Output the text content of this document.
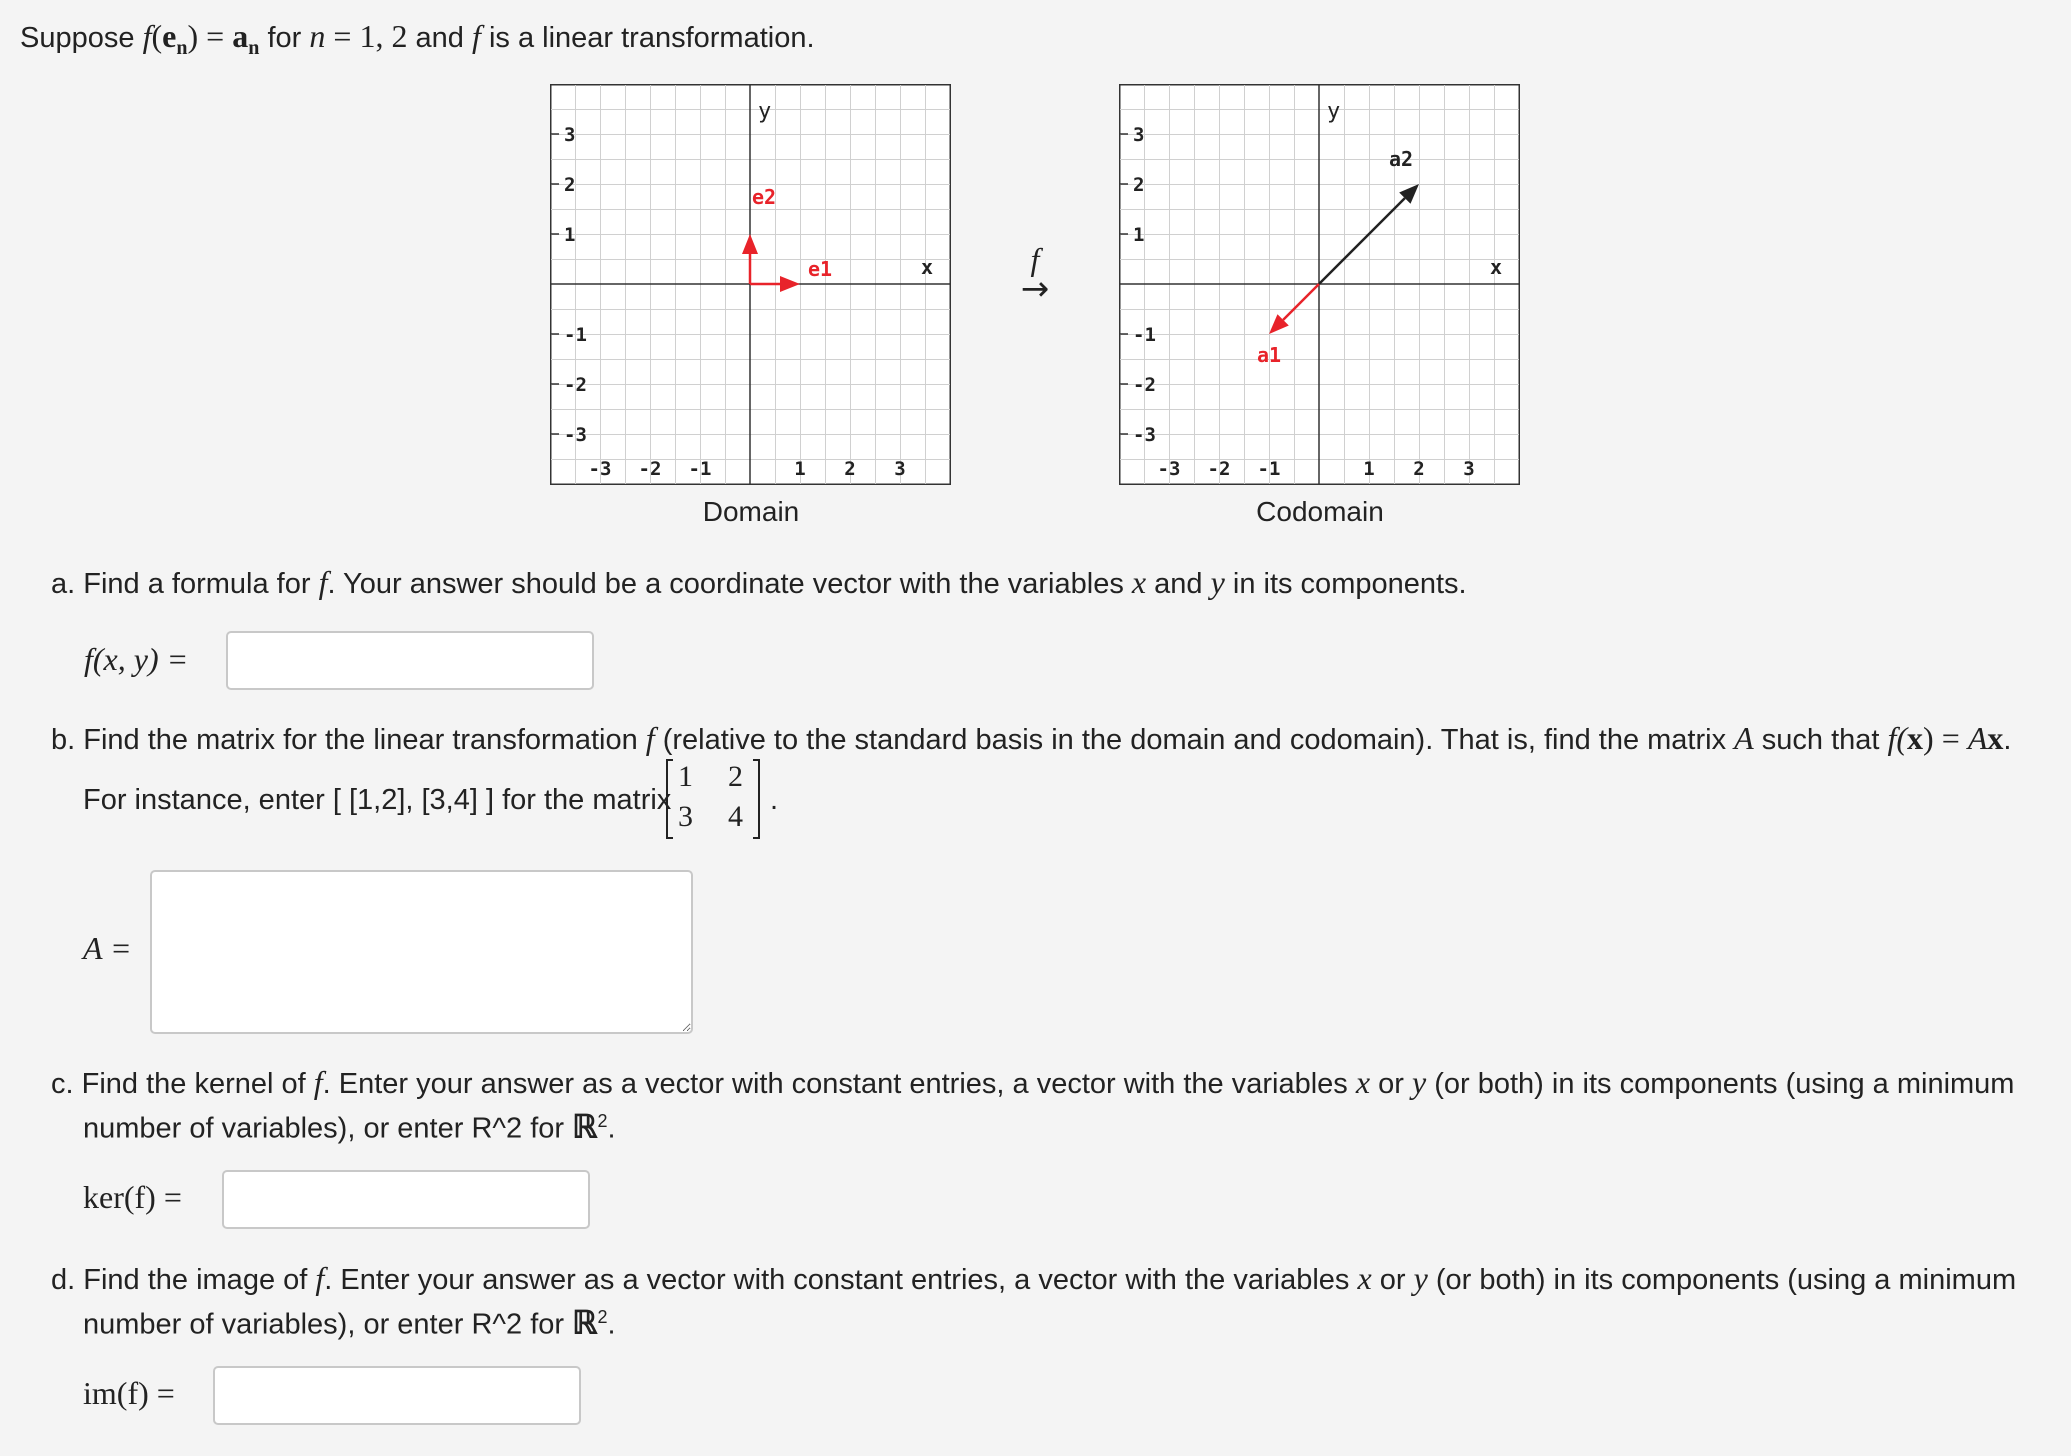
Suppose $f(e_n) = a_n$ for n = 1, 2 and f is a linear transformation.
3
2
1
-1
-2
-3
-3 -2 -1	1 2 3
y
x
e1
e2
Domain
f
→
3
2
1
-1
-2
-3
-3 -2 -1	1 2 3
y
x
a1
a2
Codomain
a. Find a formula for f. Your answer should be a coordinate vector with the variables x and y in its components.
f(x, y) =
b. Find the matrix for the linear transformation f (relative to the standard basis in the domain and codomain). That is, find the matrix A such that f(x) = Ax.
For instance, enter [ [1,2], [3,4] ] for the matrix
1 2
3 4 .
A =
c. Find the kernel of f. Enter your answer as a vector with constant entries, a vector with the variables x or y (or both) in its components (using a minimum
number of variables), or enter R^2 for ℝ$^2$.
ker(f) =
d. Find the image of f. Enter your answer as a vector with constant entries, a vector with the variables x or y (or both) in its components (using a minimum
number of variables), or enter R^2 for ℝ$^2$.
im(f) =
